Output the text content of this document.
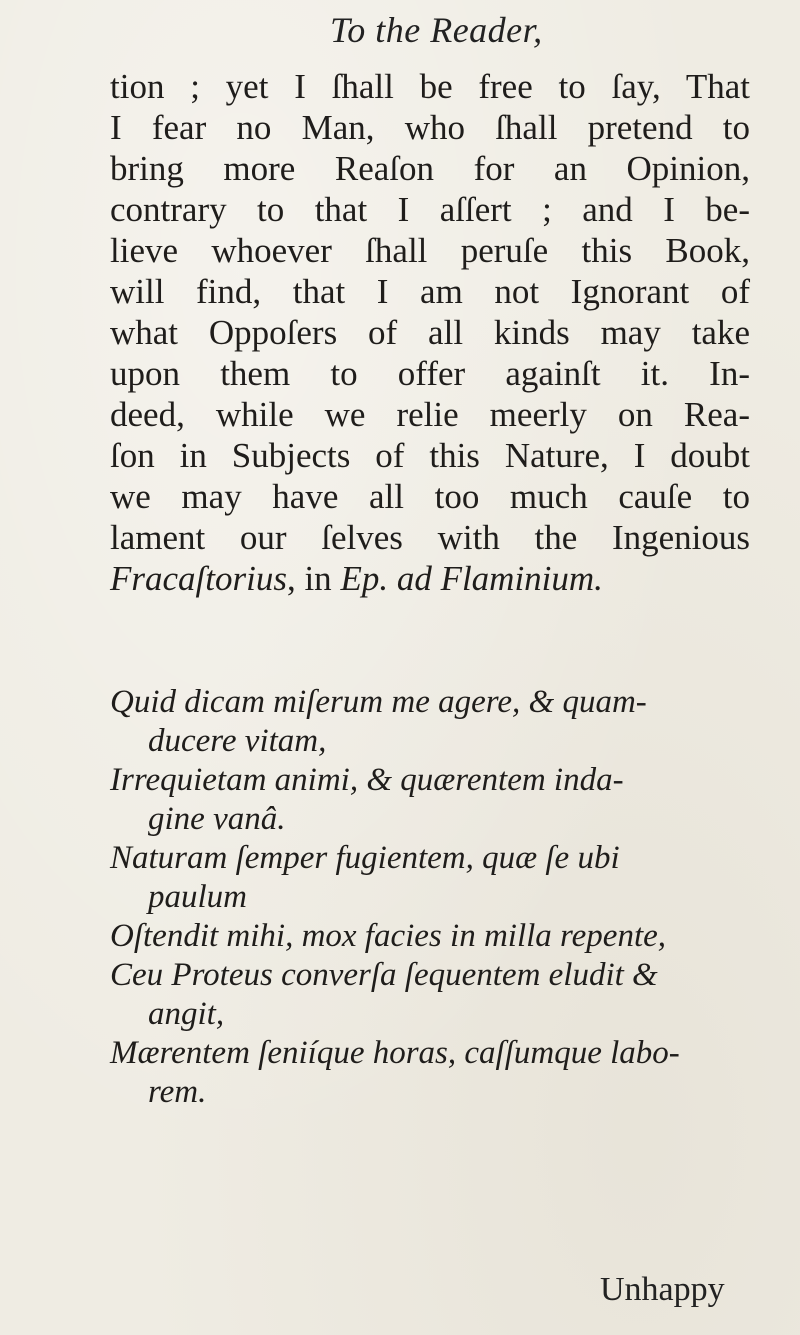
To the Reader,
tion ; yet I ſhall be free to ſay, That
I fear no Man, who ſhall pretend to
bring more Reaſon for an Opinion,
contrary to that I aſſert ; and I be-
lieve whoever ſhall peruſe this Book,
will find, that I am not Ignorant of
what Oppoſers of all kinds may take
upon them to offer againſt it. In-
deed, while we relie meerly on Rea-
ſon in Subjects of this Nature, I doubt
we may have all too much cauſe to
lament our ſelves with the Ingenious
Fracaſtorius, in Ep. ad Flaminium.
Quid dicam miſerum me agere, & quam-
ducere vitam,
Irrequietam animi, & quærentem inda-
gine vanâ.
Naturam ſemper fugientem, quæ ſe ubi
paulum
Oſtendit mihi, mox facies in milla repente,
Ceu Proteus converſa ſequentem eludit &
angit,
Mærentem ſeniíque horas, caſſumque labo-
rem.
Unhappy
